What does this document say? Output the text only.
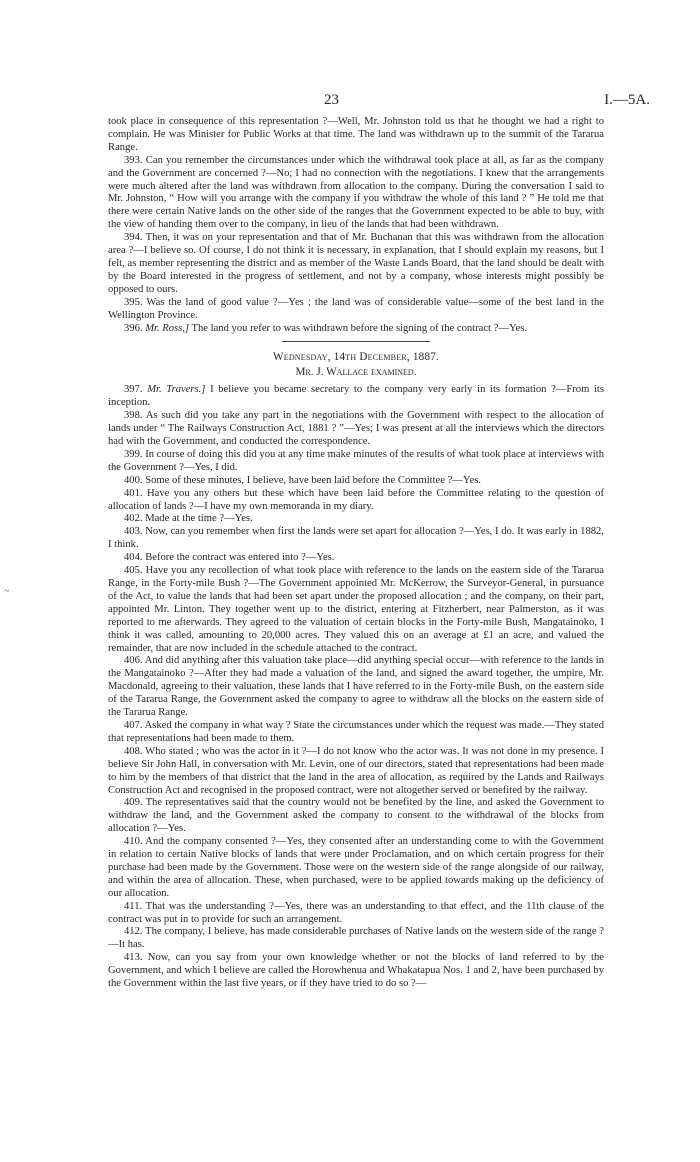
23	I.—5A.

took place in consequence of this representation ?—Well, Mr. Johnston told us that he thought we had a right to complain. He was Minister for Public Works at that time. The land was withdrawn up to the summit of the Tararua Range.

393. Can you remember the circumstances under which the withdrawal took place at all, as far as the company and the Government are concerned ?—No; I had no connection with the negotiations. I knew that the arrangements were much altered after the land was withdrawn from allocation to the company. During the conversation I said to Mr. Johnston, “ How will you arrange with the company if you withdraw the whole of this land ? ” He told me that there were certain Native lands on the other side of the ranges that the Government expected to be able to buy, with the view of handing them over to the company, in lieu of the lands that had been withdrawn.

394. Then, it was on your representation and that of Mr. Buchanan that this was withdrawn from the allocation area ?—I believe so. Of course, I do not think it is necessary, in explanation, that I should explain my reasons, but I felt, as member representing the district and as member of the Waste Lands Board, that the land should be dealt with by the Board interested in the progress of settlement, and not by a company, whose interests might possibly be opposed to ours.

395. Was the land of good value ?—Yes ; the land was of considerable value—some of the best land in the Wellington Province.

396. Mr. Ross,] The land you refer to was withdrawn before the signing of the contract ?—Yes.

Wednesday, 14th December, 1887.
Mr. J. Wallace examined.

397. Mr. Travers.] I believe you became secretary to the company very early in its formation ?—From its inception.

398. As such did you take any part in the negotiations with the Government with respect to the allocation of lands under “ The Railways Construction Act, 1881 ? ”—Yes; I was present at all the interviews which the directors had with the Government, and conducted the correspondence.

399. In course of doing this did you at any time make minutes of the results of what took place at interviews with the Government ?—Yes, I did.

400. Some of these minutes, I believe, have been laid before the Committee ?—Yes.

401. Have you any others but these which have been laid before the Committee relating to the question of allocation of lands ?—I have my own memoranda in my diary.

402. Made at the time ?—Yes.

403. Now, can you remember when first the lands were set apart for allocation ?—Yes, I do. It was early in 1882, I think.

404. Before the contract was entered into ?—Yes.

405. Have you any recollection of what took place with reference to the lands on the eastern side of the Tararua Range, in the Forty-mile Bush ?—The Government appointed Mr. McKerrow, the Surveyor-General, in pursuance of the Act, to value the lands that had been set apart under the proposed allocation ; and the company, on their part, appointed Mr. Linton. They together went up to the district, entering at Fitzherbert, near Palmerston, as it was reported to me afterwards. They agreed to the valuation of certain blocks in the Forty-mile Bush, Mangatainoko, I think it was called, amounting to 20,000 acres. They valued this on an average at £1 an acre, and valued the remainder, that are now included in the schedule attached to the contract.

406. And did anything after this valuation take place—did anything special occur—with reference to the lands in the Mangatainoko ?—After they had made a valuation of the land, and signed the award together, the umpire, Mr. Macdonald, agreeing to their valuation, these lands that I have referred to in the Forty-mile Bush, on the eastern side of the Tararua Range, the Government asked the company to agree to withdraw all the blocks on the eastern side of the Tararua Range.

407. Asked the company in what way ? State the circumstances under which the request was made.—They stated that representations had been made to them.

408. Who stated ; who was the actor in it ?—I do not know who the actor was. It was not done in my presence. I believe Sir John Hall, in conversation with Mr. Levin, one of our directors, stated that representations had been made to him by the members of that district that the land in the area of allocation, as required by the Lands and Railways Construction Act and recognised in the proposed contract, were not altogether served or benefited by the railway.

409. The representatives said that the country would not be benefited by the line, and asked the Government to withdraw the land, and the Government asked the company to consent to the withdrawal of the blocks from allocation ?—Yes.

410. And the company consented ?—Yes, they consented after an understanding come to with the Government in relation to certain Native blocks of lands that were under Proclamation, and on which certain progress for their purchase had been made by the Government. Those were on the western side of the range alongside of our railway, and within the area of allocation. These, when purchased, were to be applied towards making up the deficiency of our allocation.

411. That was the understanding ?—Yes, there was an understanding to that effect, and the 11th clause of the contract was put in to provide for such an arrangement.

412. The company, I believe, has made considerable purchases of Native lands on the western side of the range ?—It has.

413. Now, can you say from your own knowledge whether or not the blocks of land referred to by the Government, and which I believe are called the Horowhenua and Whakatapua Nos. 1 and 2, have been purchased by the Government within the last five years, or if they have tried to do so ?—

~
